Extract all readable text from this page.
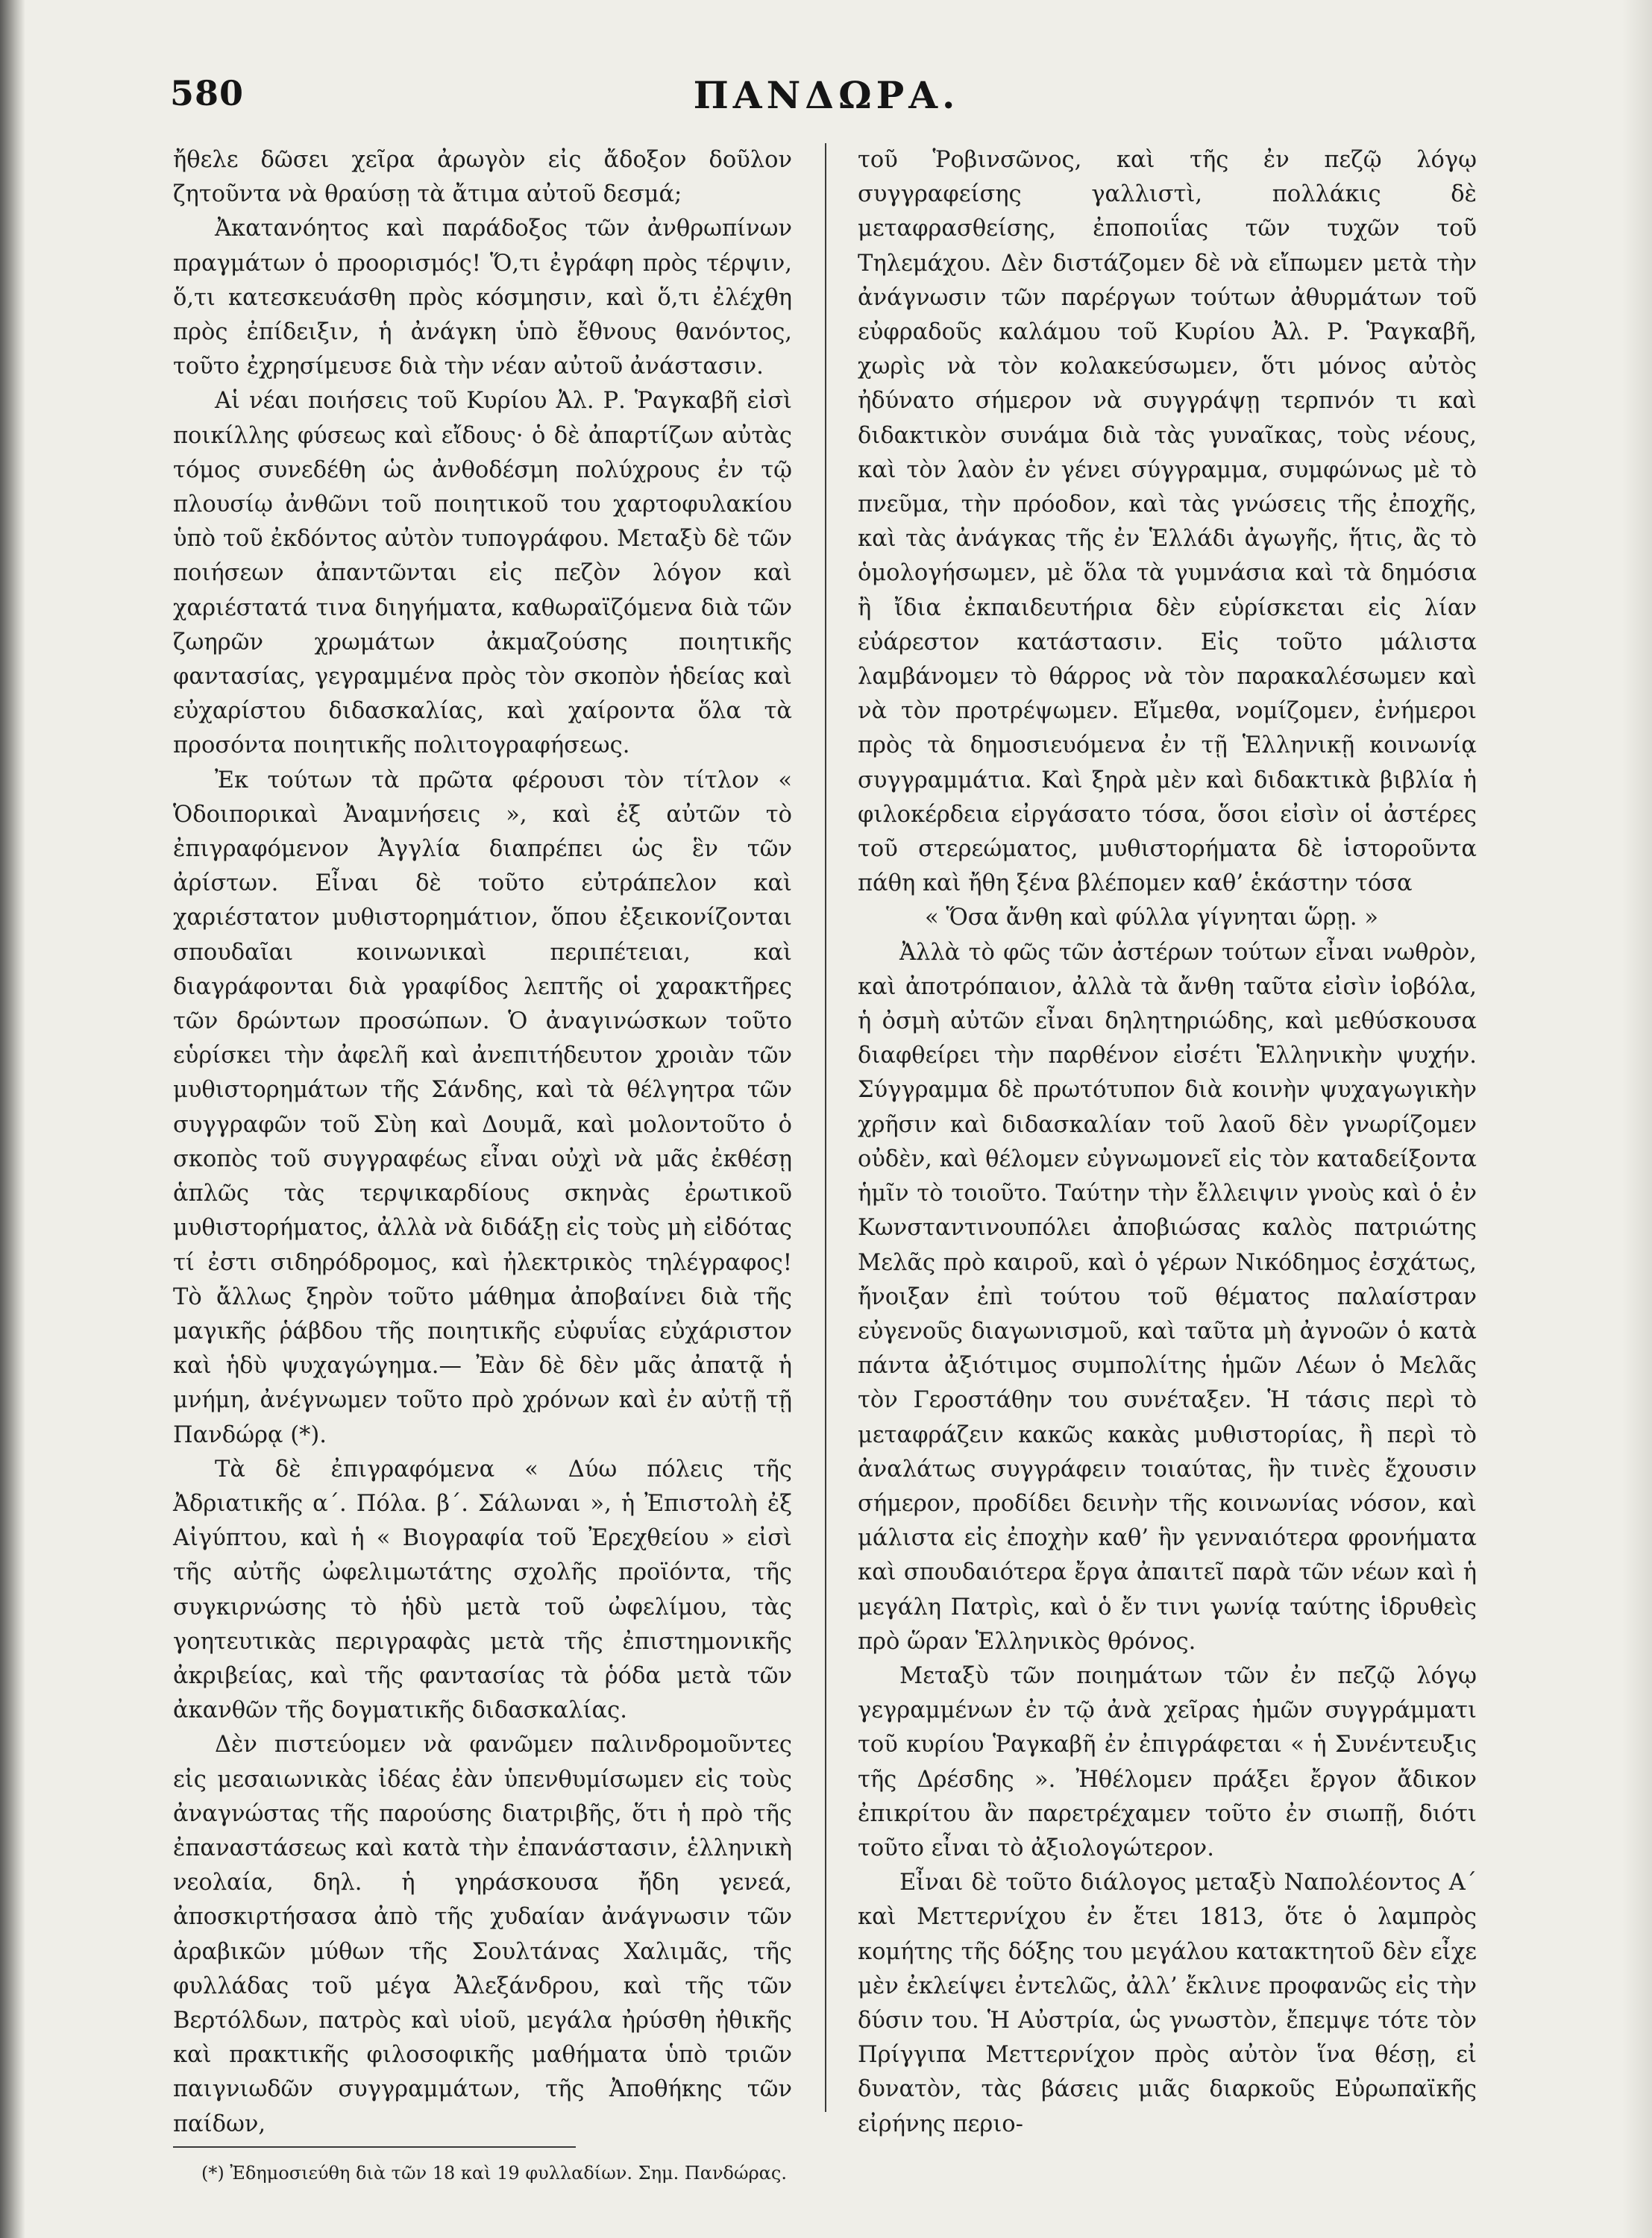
580	ΠΑΝΔΩΡΑ.

ἤθελε δῶσει χεῖρα ἀρωγὸν εἰς ἄδοξον δοῦλον ζητοῦντα νὰ θραύσῃ τὰ ἄτιμα αὐτοῦ δεσμά;

Ἀκατανόητος καὶ παράδοξος τῶν ἀνθρωπίνων πραγμάτων ὁ προορισμός! Ὅ,τι ἐγράφη πρὸς τέρψιν, ὅ,τι κατεσκευάσθη πρὸς κόσμησιν, καὶ ὅ,τι ἐλέχθη πρὸς ἐπίδειξιν, ἡ ἀνάγκη ὑπὸ ἔθνους θανόντος, τοῦτο ἐχρησίμευσε διὰ τὴν νέαν αὐτοῦ ἀνάστασιν.

Αἱ νέαι ποιήσεις τοῦ Κυρίου Ἀλ. Ρ. Ῥαγκαβῆ εἰσὶ ποικίλλης φύσεως καὶ εἴδους· ὁ δὲ ἀπαρτίζων αὐτὰς τόμος συνεδέθη ὡς ἀνθοδέσμη πολύχρους ἐν τῷ πλουσίῳ ἀνθῶνι τοῦ ποιητικοῦ του χαρτοφυλακίου ὑπὸ τοῦ ἐκδόντος αὐτὸν τυπογράφου. Μεταξὺ δὲ τῶν ποιήσεων ἀπαντῶνται εἰς πεζὸν λόγον καὶ χαριέστατά τινα διηγήματα, καθωραϊζόμενα διὰ τῶν ζωηρῶν χρωμάτων ἀκμαζούσης ποιητικῆς φαντασίας, γεγραμμένα πρὸς τὸν σκοπὸν ἡδείας καὶ εὐχαρίστου διδασκαλίας, καὶ χαίροντα ὅλα τὰ προσόντα ποιητικῆς πολιτογραφήσεως.

Ἐκ τούτων τὰ πρῶτα φέρουσι τὸν τίτλον « Ὁδοιπορικαὶ Ἀναμνήσεις », καὶ ἐξ αὐτῶν τὸ ἐπιγραφόμενον Ἀγγλία διαπρέπει ὡς ἓν τῶν ἀρίστων. Εἶναι δὲ τοῦτο εὐτράπελον καὶ χαριέστατον μυθιστορημάτιον, ὅπου ἐξεικονίζονται σπουδαῖαι κοινωνικαὶ περιπέτειαι, καὶ διαγράφονται διὰ γραφίδος λεπτῆς οἱ χαρακτῆρες τῶν δρώντων προσώπων. Ὁ ἀναγινώσκων τοῦτο εὑρίσκει τὴν ἀφελῆ καὶ ἀνεπιτήδευτον χροιὰν τῶν μυθιστορημάτων τῆς Σάνδης, καὶ τὰ θέλγητρα τῶν συγγραφῶν τοῦ Σὺη καὶ Δουμᾶ, καὶ μολοντοῦτο ὁ σκοπὸς τοῦ συγγραφέως εἶναι οὐχὶ νὰ μᾶς ἐκθέσῃ ἁπλῶς τὰς τερψικαρδίους σκηνὰς ἐρωτικοῦ μυθιστορήματος, ἀλλὰ νὰ διδάξῃ εἰς τοὺς μὴ εἰδότας τί ἐστι σιδηρόδρομος, καὶ ἠλεκτρικὸς τηλέγραφος! Τὸ ἄλλως ξηρὸν τοῦτο μάθημα ἀποβαίνει διὰ τῆς μαγικῆς ῥάβδου τῆς ποιητικῆς εὐφυΐας εὐχάριστον καὶ ἡδὺ ψυχαγώγημα.— Ἐὰν δὲ δὲν μᾶς ἀπατᾷ ἡ μνήμη, ἀνέγνωμεν τοῦτο πρὸ χρόνων καὶ ἐν αὐτῇ τῇ Πανδώρᾳ (*).

Τὰ δὲ ἐπιγραφόμενα « Δύω πόλεις τῆς Ἀδριατικῆς α΄. Πόλα. β΄. Σάλωναι », ἡ Ἐπιστολὴ ἐξ Αἰγύπτου, καὶ ἡ « Βιογραφία τοῦ Ἐρεχθείου » εἰσὶ τῆς αὐτῆς ὠφελιμωτάτης σχολῆς προϊόντα, τῆς συγκιρνώσης τὸ ἡδὺ μετὰ τοῦ ὠφελίμου, τὰς γοητευτικὰς περιγραφὰς μετὰ τῆς ἐπιστημονικῆς ἀκριβείας, καὶ τῆς φαντασίας τὰ ῥόδα μετὰ τῶν ἀκανθῶν τῆς δογματικῆς διδασκαλίας.

Δὲν πιστεύομεν νὰ φανῶμεν παλινδρομοῦντες εἰς μεσαιωνικὰς ἰδέας ἐὰν ὑπενθυμίσωμεν εἰς τοὺς ἀναγνώστας τῆς παρούσης διατριβῆς, ὅτι ἡ πρὸ τῆς ἐπαναστάσεως καὶ κατὰ τὴν ἐπανάστασιν, ἑλληνικὴ νεολαία, δηλ. ἡ γηράσκουσα ἤδη γενεά, ἀποσκιρτήσασα ἀπὸ τῆς χυδαίαν ἀνάγνωσιν τῶν ἀραβικῶν μύθων τῆς Σουλτάνας Χαλιμᾶς, τῆς φυλλάδας τοῦ μέγα Ἀλεξάνδρου, καὶ τῆς τῶν Βερτόλδων, πατρὸς καὶ υἱοῦ, μεγάλα ἠρύσθη ἠθικῆς καὶ πρακτικῆς φιλοσοφικῆς μαθήματα ὑπὸ τριῶν παιγνιωδῶν συγγραμμάτων, τῆς Ἀποθήκης τῶν παίδων,

τοῦ Ῥοβινσῶνος, καὶ τῆς ἐν πεζῷ λόγῳ συγγραφείσης γαλλιστὶ, πολλάκις δὲ μεταφρασθείσης, ἐποποιΐας τῶν τυχῶν τοῦ Τηλεμάχου. Δὲν διστάζομεν δὲ νὰ εἴπωμεν μετὰ τὴν ἀνάγνωσιν τῶν παρέργων τούτων ἀθυρμάτων τοῦ εὐφραδοῦς καλάμου τοῦ Κυρίου Ἀλ. Ρ. Ῥαγκαβῆ, χωρὶς νὰ τὸν κολακεύσωμεν, ὅτι μόνος αὐτὸς ἠδύνατο σήμερον νὰ συγγράψῃ τερπνόν τι καὶ διδακτικὸν συνάμα διὰ τὰς γυναῖκας, τοὺς νέους, καὶ τὸν λαὸν ἐν γένει σύγγραμμα, συμφώνως μὲ τὸ πνεῦμα, τὴν πρόοδον, καὶ τὰς γνώσεις τῆς ἐποχῆς, καὶ τὰς ἀνάγκας τῆς ἐν Ἑλλάδι ἀγωγῆς, ἥτις, ἂς τὸ ὁμολογήσωμεν, μὲ ὅλα τὰ γυμνάσια καὶ τὰ δημόσια ἢ ἴδια ἐκπαιδευτήρια δὲν εὑρίσκεται εἰς λίαν εὐάρεστον κατάστασιν. Εἰς τοῦτο μάλιστα λαμβάνομεν τὸ θάρρος νὰ τὸν παρακαλέσωμεν καὶ νὰ τὸν προτρέψωμεν. Εἴμεθα, νομίζομεν, ἐνήμεροι πρὸς τὰ δημοσιευόμενα ἐν τῇ Ἑλληνικῇ κοινωνίᾳ συγγραμμάτια. Καὶ ξηρὰ μὲν καὶ διδακτικὰ βιβλία ἡ φιλοκέρδεια εἰργάσατο τόσα, ὅσοι εἰσὶν οἱ ἀστέρες τοῦ στερεώματος, μυθιστορήματα δὲ ἱστοροῦντα πάθη καὶ ἤθη ξένα βλέπομεν καθ’ ἑκάστην τόσα

« Ὅσα ἄνθη καὶ φύλλα γίγνηται ὥρῃ. »

Ἀλλὰ τὸ φῶς τῶν ἀστέρων τούτων εἶναι νωθρὸν, καὶ ἀποτρόπαιον, ἀλλὰ τὰ ἄνθη ταῦτα εἰσὶν ἰοβόλα, ἡ ὀσμὴ αὐτῶν εἶναι δηλητηριώδης, καὶ μεθύσκουσα διαφθείρει τὴν παρθένον εἰσέτι Ἑλληνικὴν ψυχήν. Σύγγραμμα δὲ πρωτότυπον διὰ κοινὴν ψυχαγωγικὴν χρῆσιν καὶ διδασκαλίαν τοῦ λαοῦ δὲν γνωρίζομεν οὐδὲν, καὶ θέλομεν εὐγνωμονεῖ εἰς τὸν καταδείξοντα ἡμῖν τὸ τοιοῦτο. Ταύτην τὴν ἔλλειψιν γνοὺς καὶ ὁ ἐν Κωνσταντινουπόλει ἀποβιώσας καλὸς πατριώτης Μελᾶς πρὸ καιροῦ, καὶ ὁ γέρων Νικόδημος ἐσχάτως, ἤνοιξαν ἐπὶ τούτου τοῦ θέματος παλαίστραν εὐγενοῦς διαγωνισμοῦ, καὶ ταῦτα μὴ ἀγνοῶν ὁ κατὰ πάντα ἀξιότιμος συμπολίτης ἡμῶν Λέων ὁ Μελᾶς τὸν Γεροστάθην του συνέταξεν. Ἡ τάσις περὶ τὸ μεταφράζειν κακῶς κακὰς μυθιστορίας, ἢ περὶ τὸ ἀναλάτως συγγράφειν τοιαύτας, ἣν τινὲς ἔχουσιν σήμερον, προδίδει δεινὴν τῆς κοινωνίας νόσον, καὶ μάλιστα εἰς ἐποχὴν καθ’ ἣν γενναιότερα φρονήματα καὶ σπουδαιότερα ἔργα ἀπαιτεῖ παρὰ τῶν νέων καὶ ἡ μεγάλη Πατρὶς, καὶ ὁ ἔν τινι γωνίᾳ ταύτης ἱδρυθεὶς πρὸ ὥραν Ἑλληνικὸς θρόνος.

Μεταξὺ τῶν ποιημάτων τῶν ἐν πεζῷ λόγῳ γεγραμμένων ἐν τῷ ἀνὰ χεῖρας ἡμῶν συγγράμματι τοῦ κυρίου Ῥαγκαβῆ ἐν ἐπιγράφεται « ἡ Συνέντευξις τῆς Δρέσδης ». Ἠθέλομεν πράξει ἔργον ἄδικον ἐπικρίτου ἂν παρετρέχαμεν τοῦτο ἐν σιωπῇ, διότι τοῦτο εἶναι τὸ ἀξιολογώτερον.

Εἶναι δὲ τοῦτο διάλογος μεταξὺ Ναπολέοντος Α΄ καὶ Μεττερνίχου ἐν ἔτει 1813, ὅτε ὁ λαμπρὸς κομήτης τῆς δόξης του μεγάλου κατακτητοῦ δὲν εἶχε μὲν ἐκλείψει ἐντελῶς, ἀλλ’ ἔκλινε προφανῶς εἰς τὴν δύσιν του. Ἡ Αὐστρία, ὡς γνωστὸν, ἔπεμψε τότε τὸν Πρίγγιπα Μεττερνίχον πρὸς αὐτὸν ἵνα θέσῃ, εἰ δυνατὸν, τὰς βάσεις μιᾶς διαρκοῦς Εὐρωπαϊκῆς εἰρήνης περιο-

(*) Ἐδημοσιεύθη διὰ τῶν 18 καὶ 19 φυλλαδίων. Σημ. Πανδώρας.
